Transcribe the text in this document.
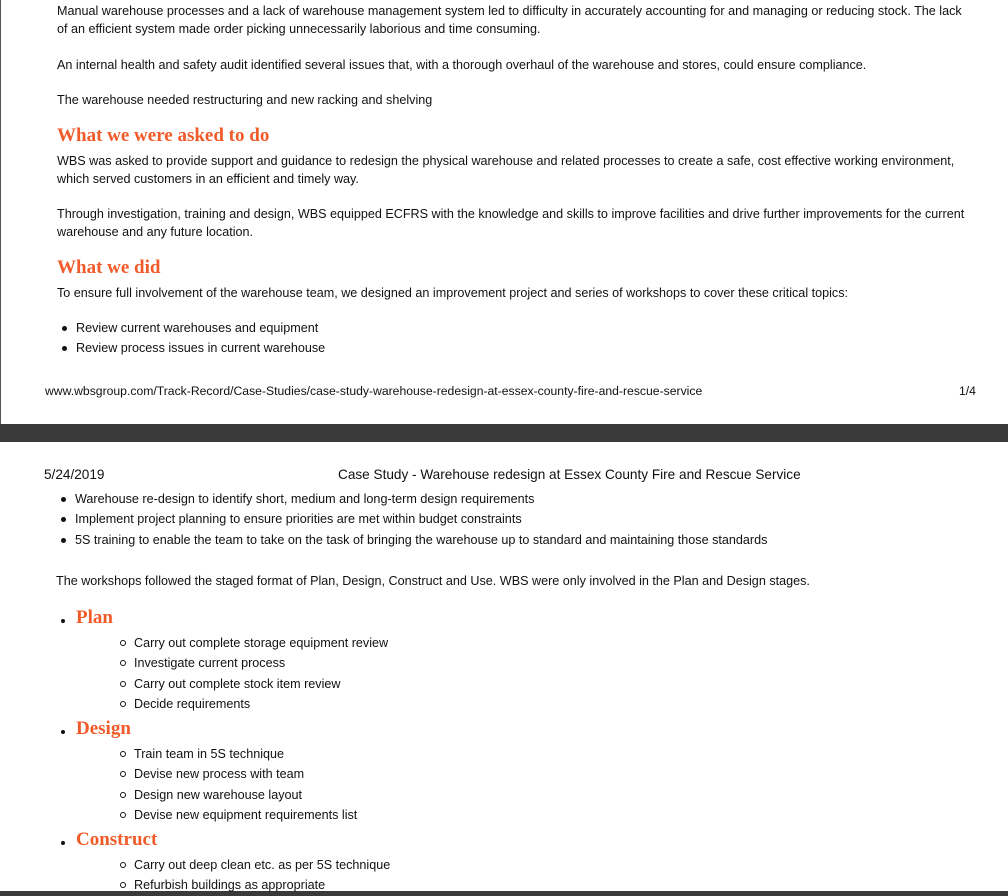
Manual warehouse processes and a lack of warehouse management system led to difficulty in accurately accounting for and managing or reducing stock. The lack of an efficient system made order picking unnecessarily laborious and time consuming.

An internal health and safety audit identified several issues that, with a thorough overhaul of the warehouse and stores, could ensure compliance.

The warehouse needed restructuring and new racking and shelving

What we were asked to do

WBS was asked to provide support and guidance to redesign the physical warehouse and related processes to create a safe, cost effective working environment, which served customers in an efficient and timely way.

Through investigation, training and design, WBS equipped ECFRS with the knowledge and skills to improve facilities and drive further improvements for the current warehouse and any future location.

What we did

To ensure full involvement of the warehouse team, we designed an improvement project and series of workshops to cover these critical topics:

Review current warehouses and equipment
Review process issues in current warehouse
www.wbsgroup.com/Track-Record/Case-Studies/case-study-warehouse-redesign-at-essex-county-fire-and-rescue-service	1/4
5/24/2019	Case Study - Warehouse redesign at Essex County Fire and Rescue Service
Warehouse re-design to identify short, medium and long-term design requirements
Implement project planning to ensure priorities are met within budget constraints
5S training to enable the team to take on the task of bringing the warehouse up to standard and maintaining those standards

The workshops followed the staged format of Plan, Design, Construct and Use. WBS were only involved in the Plan and Design stages.

Plan
Carry out complete storage equipment review
Investigate current process
Carry out complete stock item review
Decide requirements
Design
Train team in 5S technique
Devise new process with team
Design new warehouse layout
Devise new equipment requirements list
Construct
Carry out deep clean etc. as per 5S technique
Refurbish buildings as appropriate
